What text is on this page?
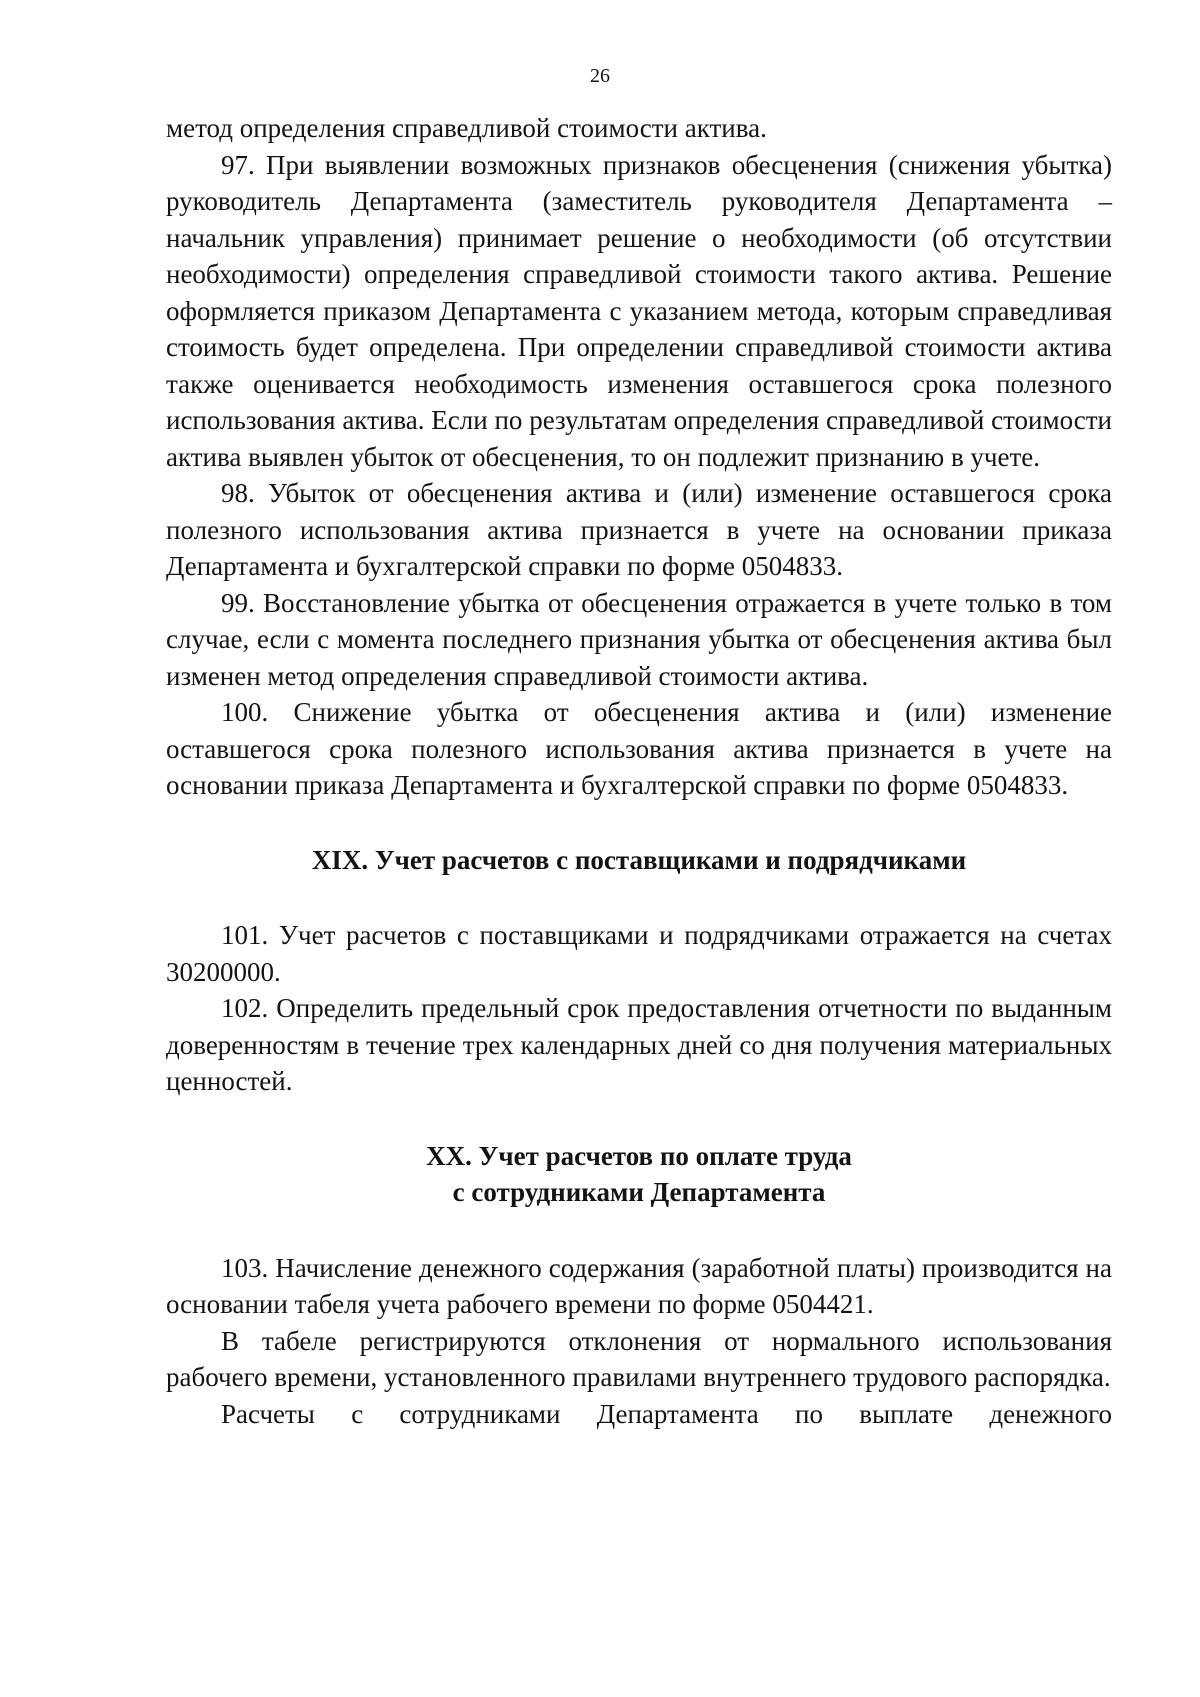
26

метод определения справедливой стоимости актива.

97. При выявлении возможных признаков обесценения (снижения убытка) руководитель Департамента (заместитель руководителя Департамента – начальник управления) принимает решение о необходимости (об отсутствии необходимости) определения справедливой стоимости такого актива. Решение оформляется приказом Департамента с указанием метода, которым справедливая стоимость будет определена. При определении справедливой стоимости актива также оценивается необходимость изменения оставшегося срока полезного использования актива. Если по результатам определения справедливой стоимости актива выявлен убыток от обесценения, то он подлежит признанию в учете.

98. Убыток от обесценения актива и (или) изменение оставшегося срока полезного использования актива признается в учете на основании приказа Департамента и бухгалтерской справки по форме 0504833.

99. Восстановление убытка от обесценения отражается в учете только в том случае, если с момента последнего признания убытка от обесценения актива был изменен метод определения справедливой стоимости актива.

100. Снижение убытка от обесценения актива и (или) изменение оставшегося срока полезного использования актива признается в учете на основании приказа Департамента и бухгалтерской справки по форме 0504833.

XIX. Учет расчетов с поставщиками и подрядчиками

101. Учет расчетов с поставщиками и подрядчиками отражается на счетах 30200000.

102. Определить предельный срок предоставления отчетности по выданным доверенностям в течение трех календарных дней со дня получения материальных ценностей.

XX. Учет расчетов по оплате труда
с сотрудниками Департамента

103. Начисление денежного содержания (заработной платы) производится на основании табеля учета рабочего времени по форме 0504421.

В табеле регистрируются отклонения от нормального использования рабочего времени, установленного правилами внутреннего трудового распорядка.

Расчеты с сотрудниками Департамента по выплате денежного
